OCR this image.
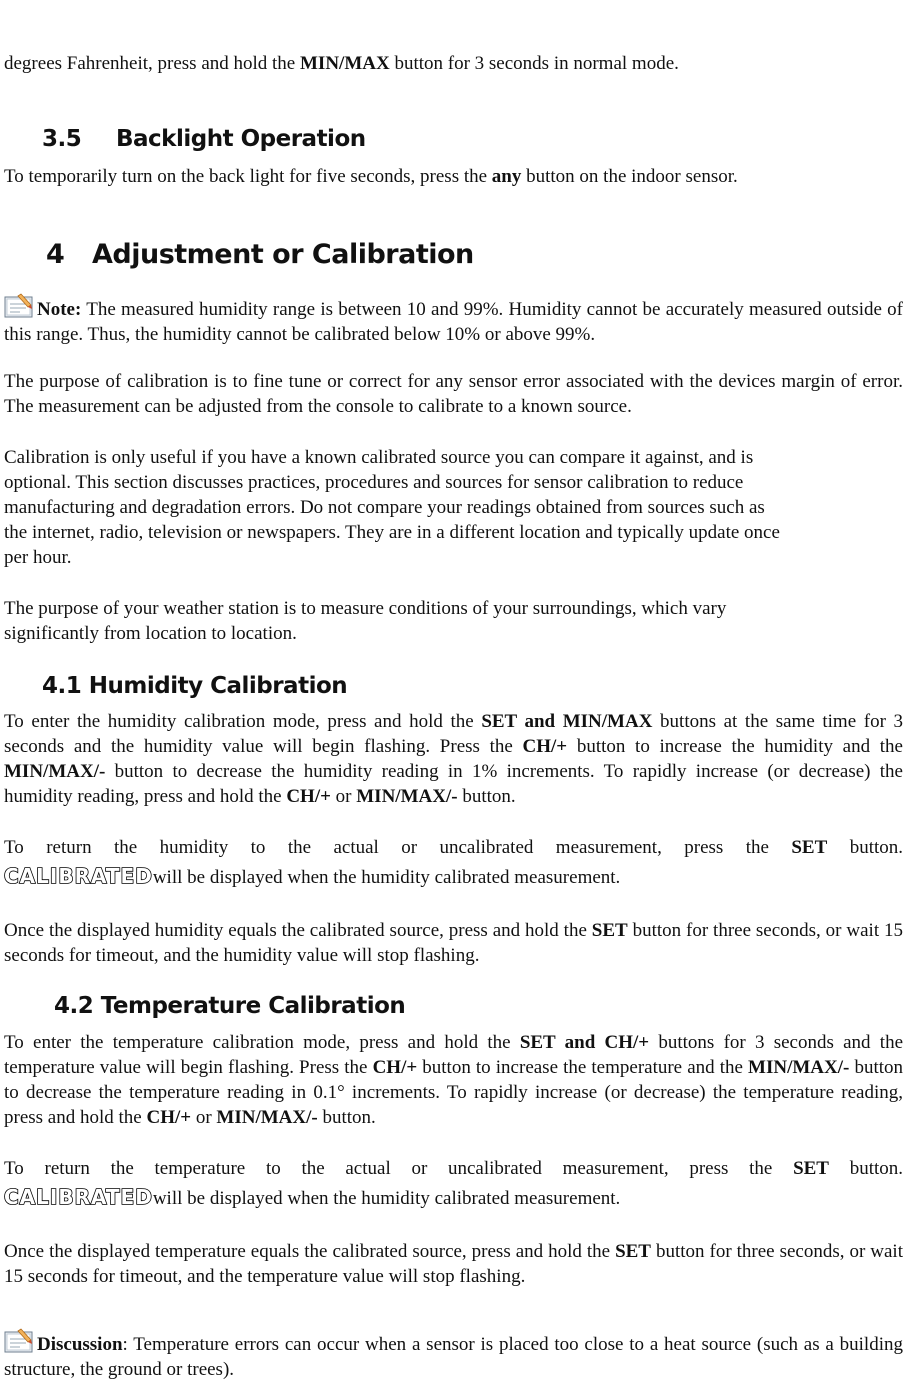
degrees Fahrenheit, press and hold the MIN/MAX button for 3 seconds in normal mode.

3.5 Backlight Operation

To temporarily turn on the back light for five seconds, press the any button on the indoor sensor.

4 Adjustment or Calibration

Note: The measured humidity range is between 10 and 99%. Humidity cannot be accurately measured outside of this range. Thus, the humidity cannot be calibrated below 10% or above 99%.

The purpose of calibration is to fine tune or correct for any sensor error associated with the devices margin of error. The measurement can be adjusted from the console to calibrate to a known source.

Calibration is only useful if you have a known calibrated source you can compare it against, and is
optional. This section discusses practices, procedures and sources for sensor calibration to reduce
manufacturing and degradation errors. Do not compare your readings obtained from sources such as
the internet, radio, television or newspapers. They are in a different location and typically update once
per hour.
The purpose of your weather station is to measure conditions of your surroundings, which vary
significantly from location to location.
4.1 Humidity Calibration

To enter the humidity calibration mode, press and hold the SET and MIN/MAX buttons at the same time for 3 seconds and the humidity value will begin flashing. Press the CH/+ button to increase the humidity and the MIN/MAX/- button to decrease the humidity reading in 1% increments. To rapidly increase (or decrease) the humidity reading, press and hold the CH/+ or MIN/MAX/- button.

To return the humidity to the actual or uncalibrated measurement, press the SET button.
CALIBRATEDwill be displayed when the humidity calibrated measurement.

Once the displayed humidity equals the calibrated source, press and hold the SET button for three seconds, or wait 15 seconds for timeout, and the humidity value will stop flashing.

4.2 Temperature Calibration

To enter the temperature calibration mode, press and hold the SET and CH/+ buttons for 3 seconds and the temperature value will begin flashing. Press the CH/+ button to increase the temperature and the MIN/MAX/- button to decrease the temperature reading in 0.1° increments. To rapidly increase (or decrease) the temperature reading, press and hold the CH/+ or MIN/MAX/- button.

To return the temperature to the actual or uncalibrated measurement, press the SET button.
CALIBRATEDwill be displayed when the humidity calibrated measurement.

Once the displayed temperature equals the calibrated source, press and hold the SET button for three seconds, or wait 15 seconds for timeout, and the temperature value will stop flashing.

Discussion: Temperature errors can occur when a sensor is placed too close to a heat source (such as a building structure, the ground or trees).
